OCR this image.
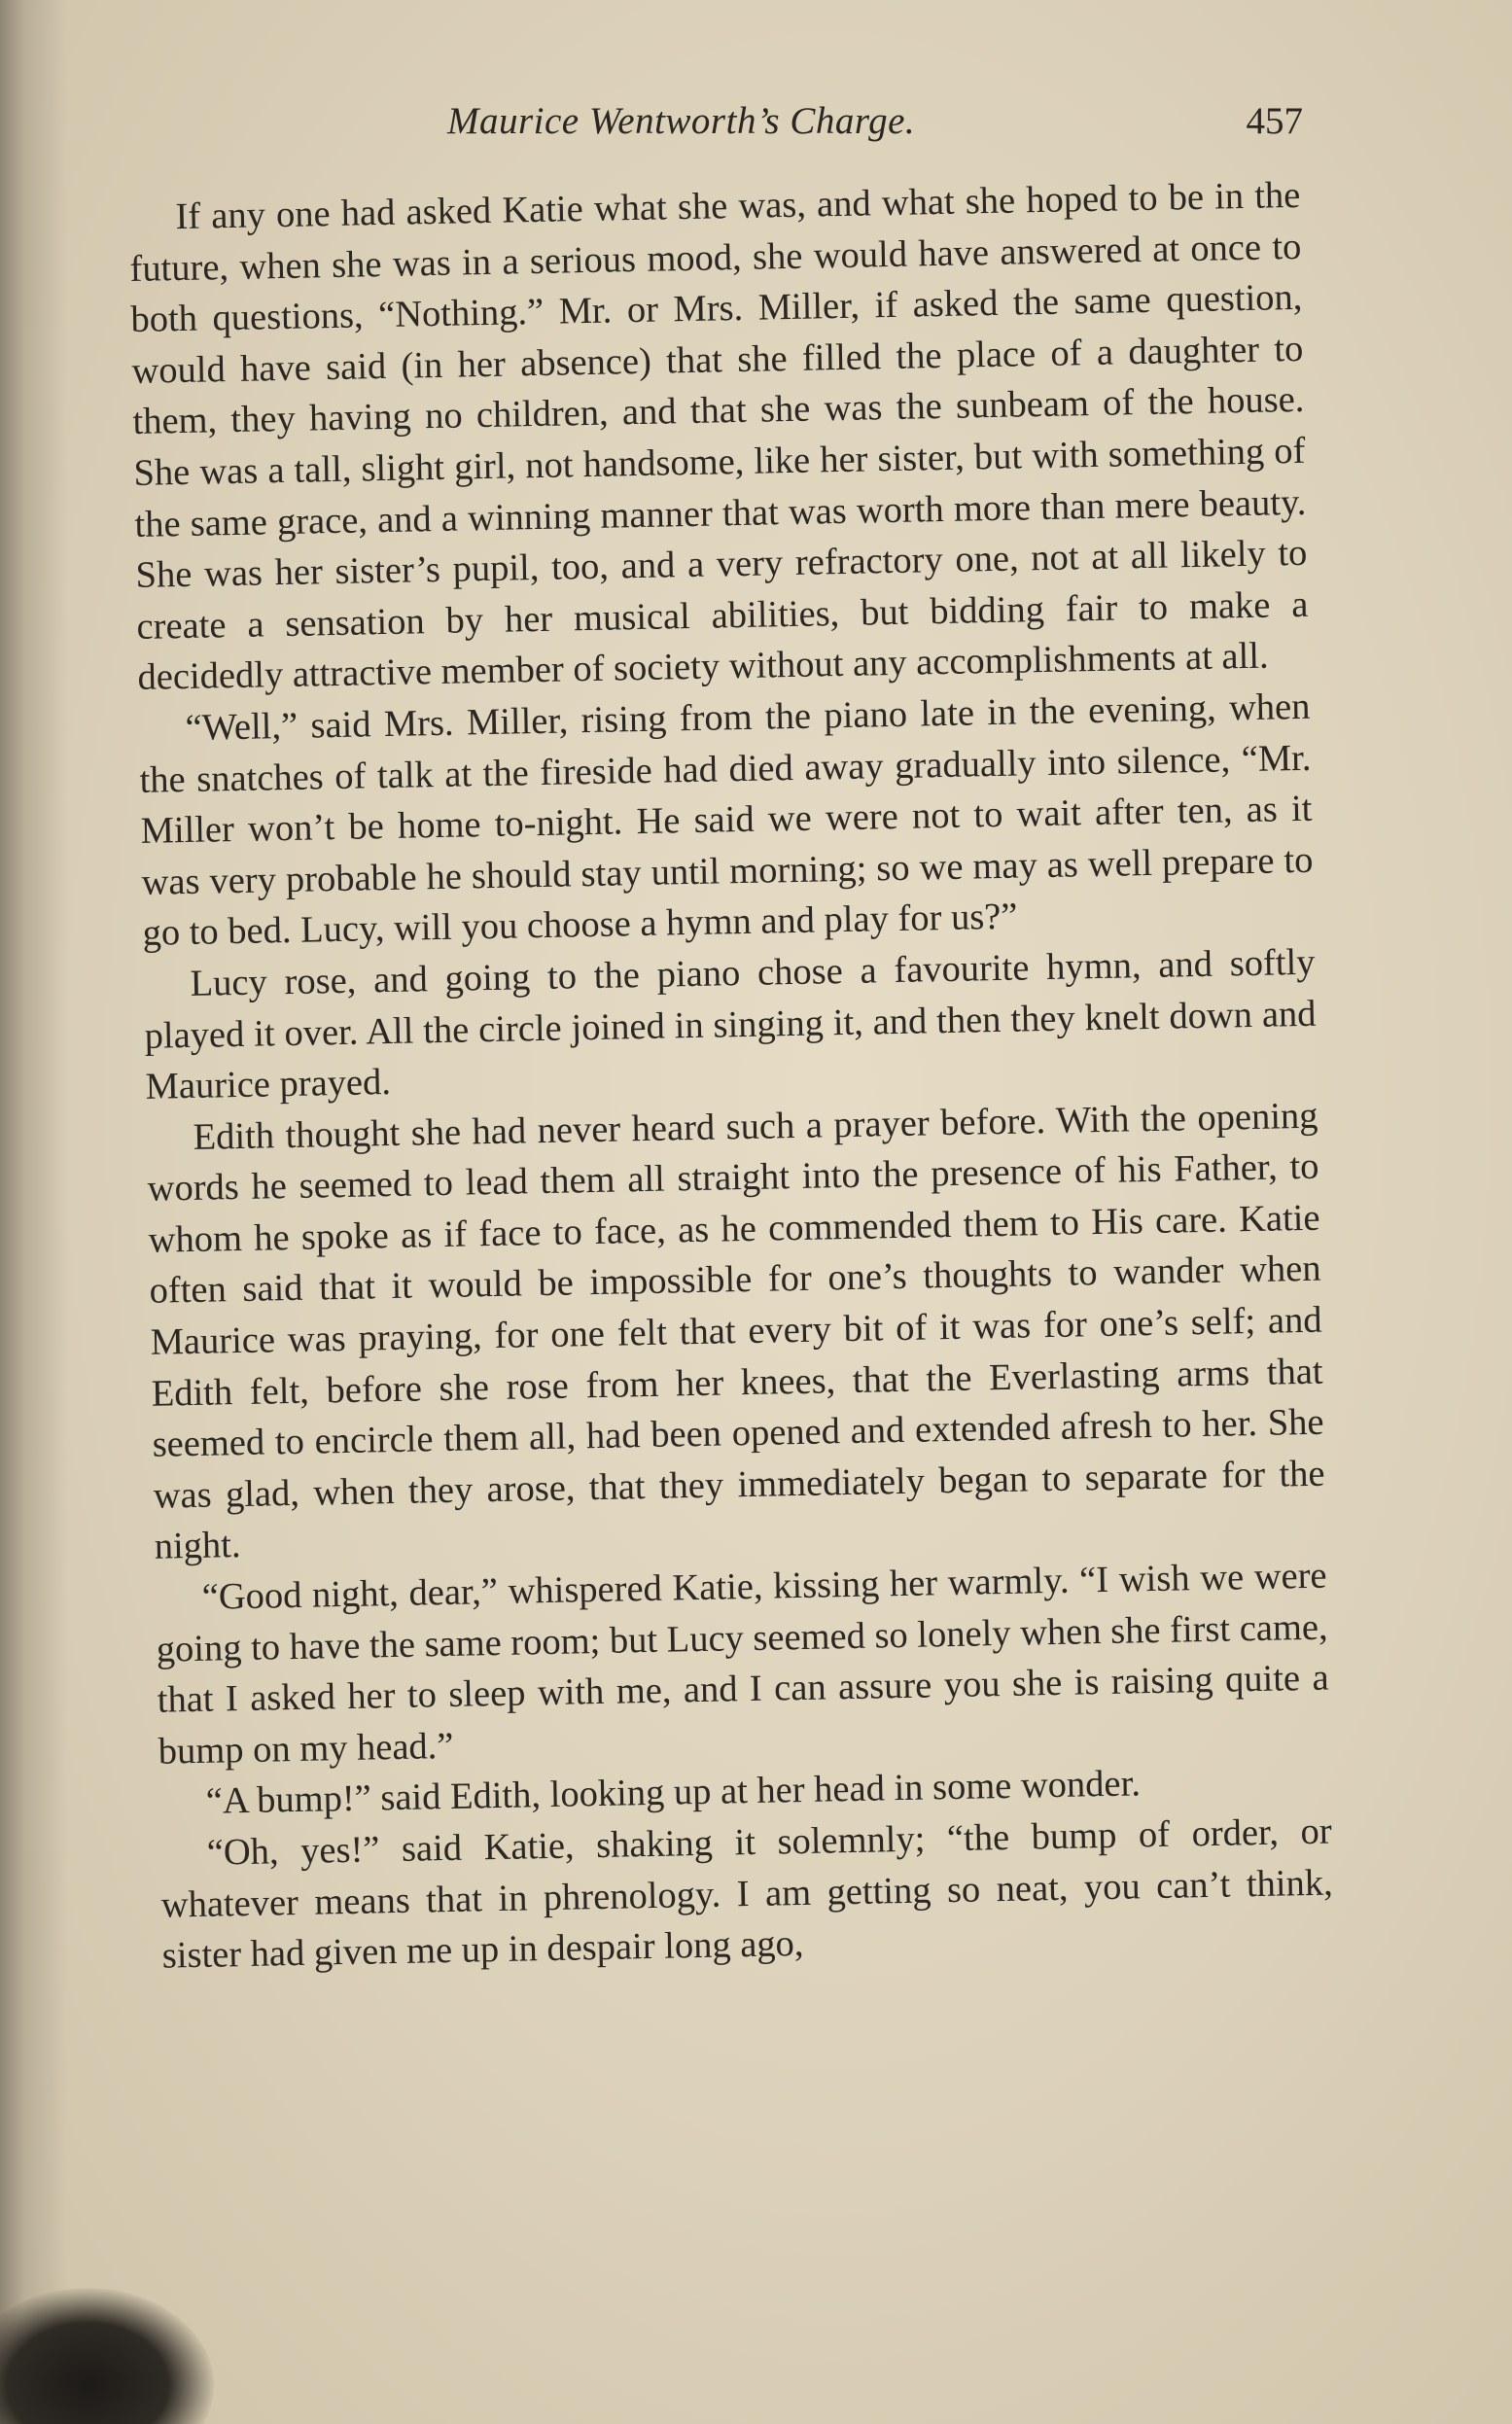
Maurice Wentworth’s Charge.	457

If any one had asked Katie what she was, and what she hoped to be in the future, when she was in a serious mood, she would have answered at once to both questions, “Nothing.” Mr. or Mrs. Miller, if asked the same question, would have said (in her absence) that she filled the place of a daughter to them, they having no children, and that she was the sunbeam of the house. She was a tall, slight girl, not handsome, like her sister, but with something of the same grace, and a winning manner that was worth more than mere beauty. She was her sister’s pupil, too, and a very refractory one, not at all likely to create a sensation by her musical abilities, but bidding fair to make a decidedly attractive member of society without any accomplishments at all.

“Well,” said Mrs. Miller, rising from the piano late in the evening, when the snatches of talk at the fireside had died away gradually into silence, “Mr. Miller won’t be home to-night. He said we were not to wait after ten, as it was very probable he should stay until morning; so we may as well prepare to go to bed. Lucy, will you choose a hymn and play for us?”

Lucy rose, and going to the piano chose a favourite hymn, and softly played it over. All the circle joined in singing it, and then they knelt down and Maurice prayed.

Edith thought she had never heard such a prayer before. With the opening words he seemed to lead them all straight into the presence of his Father, to whom he spoke as if face to face, as he commended them to His care. Katie often said that it would be impossible for one’s thoughts to wander when Maurice was praying, for one felt that every bit of it was for one’s self; and Edith felt, before she rose from her knees, that the Everlasting arms that seemed to encircle them all, had been opened and extended afresh to her. She was glad, when they arose, that they immediately began to separate for the night.

“Good night, dear,” whispered Katie, kissing her warmly. “I wish we were going to have the same room; but Lucy seemed so lonely when she first came, that I asked her to sleep with me, and I can assure you she is raising quite a bump on my head.”

“A bump!” said Edith, looking up at her head in some wonder.

“Oh, yes!” said Katie, shaking it solemnly; “the bump of order, or whatever means that in phrenology. I am getting so neat, you can’t think, sister had given me up in despair long ago,
